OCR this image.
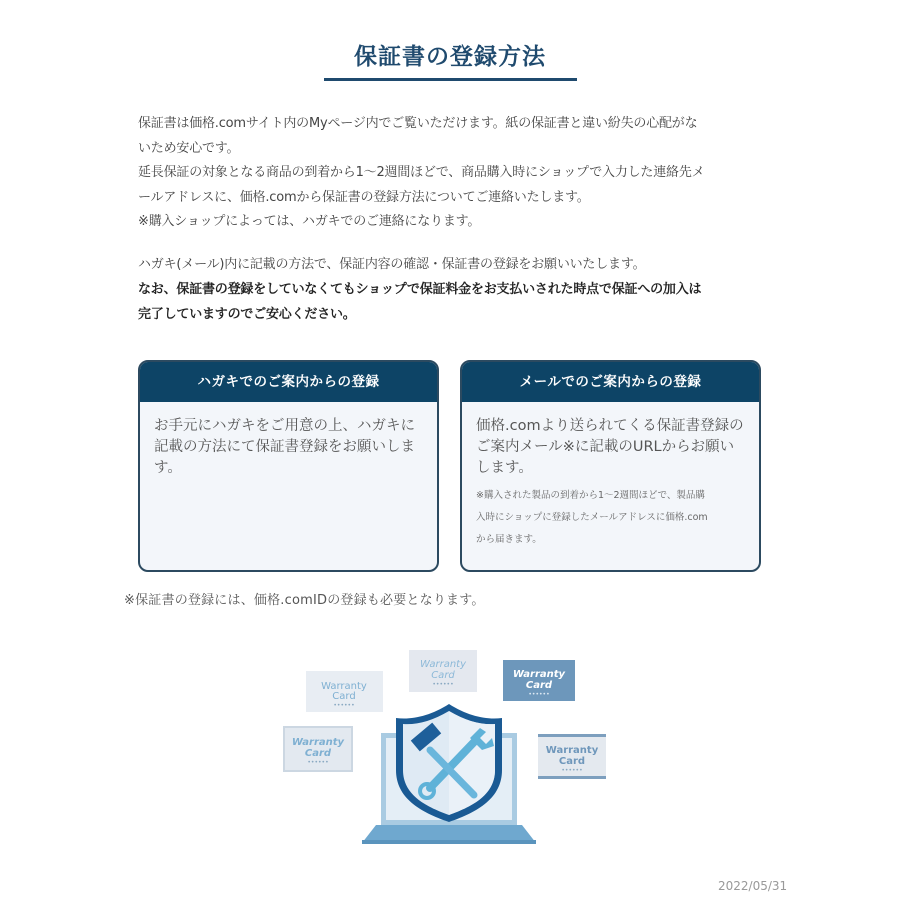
保証書の登録方法

保証書は価格.comサイト内のMyページ内でご覧いただけます。紙の保証書と違い紛失の心配がな

いため安心です。

延長保証の対象となる商品の到着から1～2週間ほどで、商品購入時にショップで入力した連絡先メ

ールアドレスに、価格.comから保証書の登録方法についてご連絡いたします。

※購入ショップによっては、ハガキでのご連絡になります。

ハガキ(メール)内に記載の方法で、保証内容の確認・保証書の登録をお願いいたします。

なお、保証書の登録をしていなくてもショップで保証料金をお支払いされた時点で保証への加入は

完了していますのでご安心ください。

ハガキでのご案内からの登録
お手元にハガキをご用意の上、ハガキに
記載の方法にて保証書登録をお願いしま
す。
メールでのご案内からの登録
価格.comより送られてくる保証書登録の
ご案内メール※に記載のURLからお願い
します。
※購入された製品の到着から1～2週間ほどで、製品購
入時にショップに登録したメールアドレスに価格.com
から届きます。
※保証書の登録には、価格.comIDの登録も必要となります。
Warranty
Card
••••••
Warranty
Card
••••••
Warranty
Card
••••••
Warranty
Card
••••••
Warranty
Card
••••••
2022/05/31
